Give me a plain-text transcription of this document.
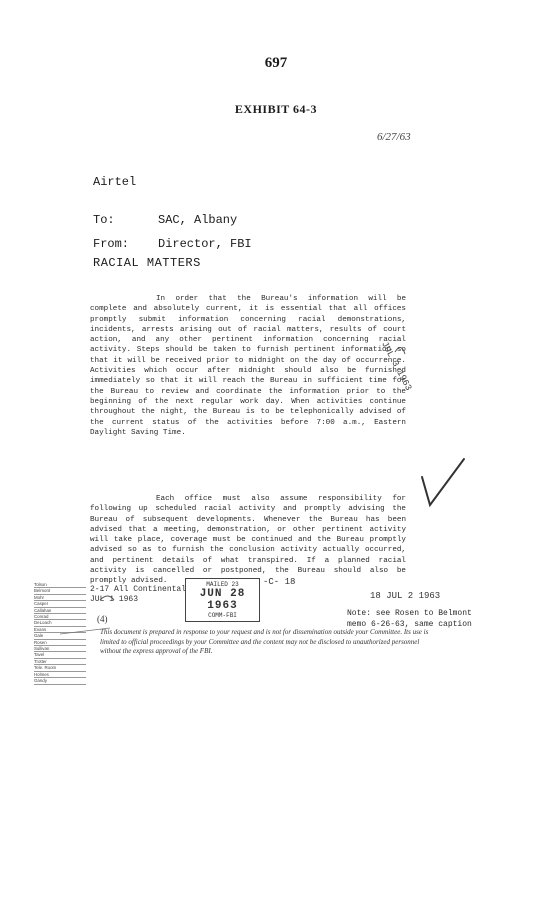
697
EXHIBIT 64-3
6/27/63
Airtel
To:	SAC, Albany
From: Director, FBI
RACIAL MATTERS
In order that the Bureau's information will be complete and absolutely current, it is essential that all offices promptly submit information concerning racial demonstrations, incidents, arrests arising out of racial matters, results of court action, and any other pertinent information concerning racial activity. Steps should be taken to furnish pertinent information so that it will be received prior to midnight on the day of occurrence. Activities which occur after midnight should also be furnished immediately so that it will reach the Bureau in sufficient time for the Bureau to review and coordinate the information prior to the beginning of the next regular work day. When activities continue throughout the night, the Bureau is to be telephonically advised of the current status of the activities before 7:00 a.m., Eastern Daylight Saving Time.
Each office must also assume responsibility for following up scheduled racial activity and promptly advising the Bureau of subsequent developments. Whenever the Bureau has been advised that a meeting, demonstration, or other pertinent activity will take place, coverage must be continued and the Bureau promptly advised so as to furnish the conclusion activity actually occurred, and pertinent details of what transpired. If a planned racial activity is cancelled or postponed, the Bureau should also be promptly advised.
JUL 3 1963
Tolson
Belmont
Mohr
Casper
Callahan
Conrad
DeLoach
Evans
Gale
Rosen
Sullivan
Tavel
Trotter
Tele. Room
Holmes
Gandy
2-17 All Continental
JUL 1 1963
MAILED 23
JUN 28 1963
COMM-FBI
-C- 18
18 JUL 2 1963
Note: see Rosen to Belmont
memo 6-26-63, same caption
(4)
This document is prepared in response to your request and is not for dissemination outside your Committee. Its use is limited to official proceedings by your Committee and the content may not be disclosed to unauthorized personnel without the express approval of the FBI.
